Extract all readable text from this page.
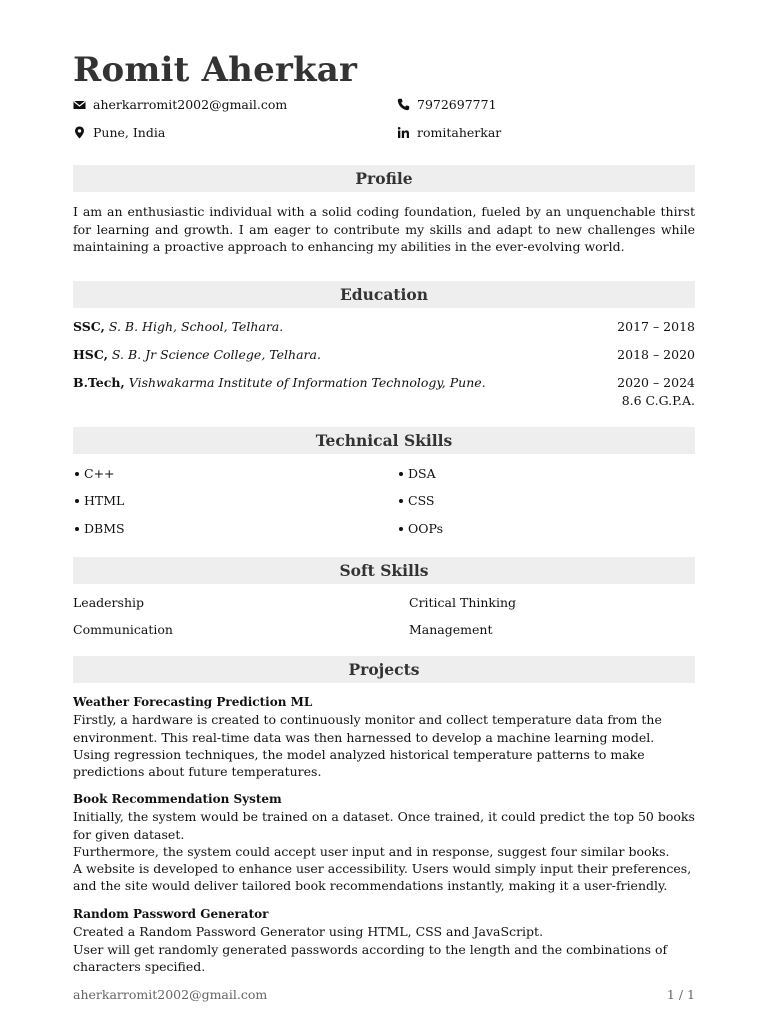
Romit Aherkar
aherkarromit2002@gmail.com	7972697771
Pune, India	romitaherkar
Profile
I am an enthusiastic individual with a solid coding foundation, fueled by an unquenchable thirst for learning and growth. I am eager to contribute my skills and adapt to new challenges while maintaining a proactive approach to enhancing my abilities in the ever-evolving world.
Education
SSC, S. B. High, School, Telhara.	2017 – 2018
HSC, S. B. Jr Science College, Telhara.	2018 – 2020
B.Tech, Vishwakarma Institute of Information Technology, Pune.	2020 – 2024
8.6 C.G.P.A.
Technical Skills
C++	DSA
HTML	CSS
DBMS	OOPs
Soft Skills
Leadership	Critical Thinking
Communication	Management
Projects
Weather Forecasting Prediction ML
Firstly, a hardware is created to continuously monitor and collect temperature data from the environment. This real-time data was then harnessed to develop a machine learning model.
Using regression techniques, the model analyzed historical temperature patterns to make predictions about future temperatures.
Book Recommendation System
Initially, the system would be trained on a dataset. Once trained, it could predict the top 50 books for given dataset.
Furthermore, the system could accept user input and in response, suggest four similar books.
A website is developed to enhance user accessibility. Users would simply input their preferences, and the site would deliver tailored book recommendations instantly, making it a user-friendly.
Random Password Generator
Created a Random Password Generator using HTML, CSS and JavaScript.
User will get randomly generated passwords according to the length and the combinations of characters specified.
aherkarromit2002@gmail.com	1 / 1
